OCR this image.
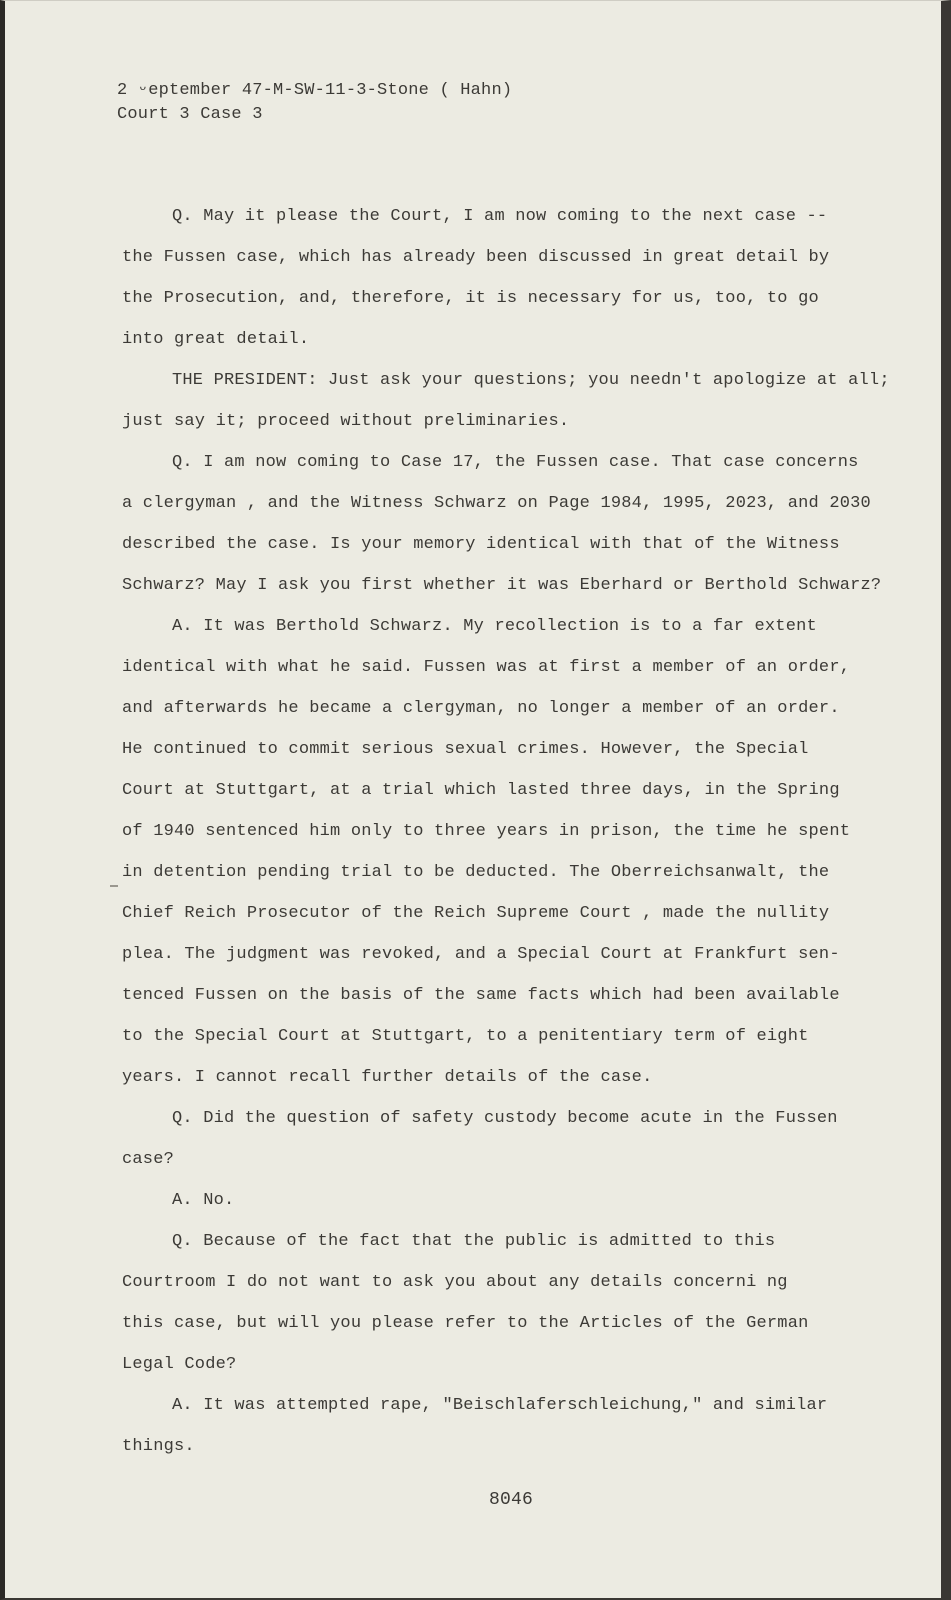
2 ᵕeptember 47-M-SW-11-3-Stone ( Hahn)

Court 3 Case 3

Q. May it please the Court, I am now coming to the next case --

the Fussen case, which has already been discussed in great detail by

the Prosecution, and, therefore, it is necessary for us, too, to go

into great detail.

THE PRESIDENT: Just ask your questions; you needn't apologize at all;

just say it; proceed without preliminaries.

Q. I am now coming to Case 17, the Fussen case. That case concerns

a clergyman , and the Witness Schwarz on Page 1984, 1995, 2023, and 2030

described the case. Is your memory identical with that of the Witness

Schwarz? May I ask you first whether it was Eberhard or Berthold Schwarz?

A. It was Berthold Schwarz. My recollection is to a far extent

identical with what he said. Fussen was at first a member of an order,

and afterwards he became a clergyman, no longer a member of an order.

He continued to commit serious sexual crimes. However, the Special

Court at Stuttgart, at a trial which lasted three days, in the Spring

of 1940 sentenced him only to three years in prison, the time he spent

in detention pending trial to be deducted. The Oberreichsanwalt, the

Chief Reich Prosecutor of the Reich Supreme Court , made the nullity

plea. The judgment was revoked, and a Special Court at Frankfurt sen-

tenced Fussen on the basis of the same facts which had been available

to the Special Court at Stuttgart, to a penitentiary term of eight

years. I cannot recall further details of the case.

Q. Did the question of safety custody become acute in the Fussen

case?

A. No.

Q. Because of the fact that the public is admitted to this

Courtroom I do not want to ask you about any details concerni ng

this case, but will you please refer to the Articles of the German

Legal Code?

A. It was attempted rape, "Beischlaferschleichung," and similar

things.

8046
